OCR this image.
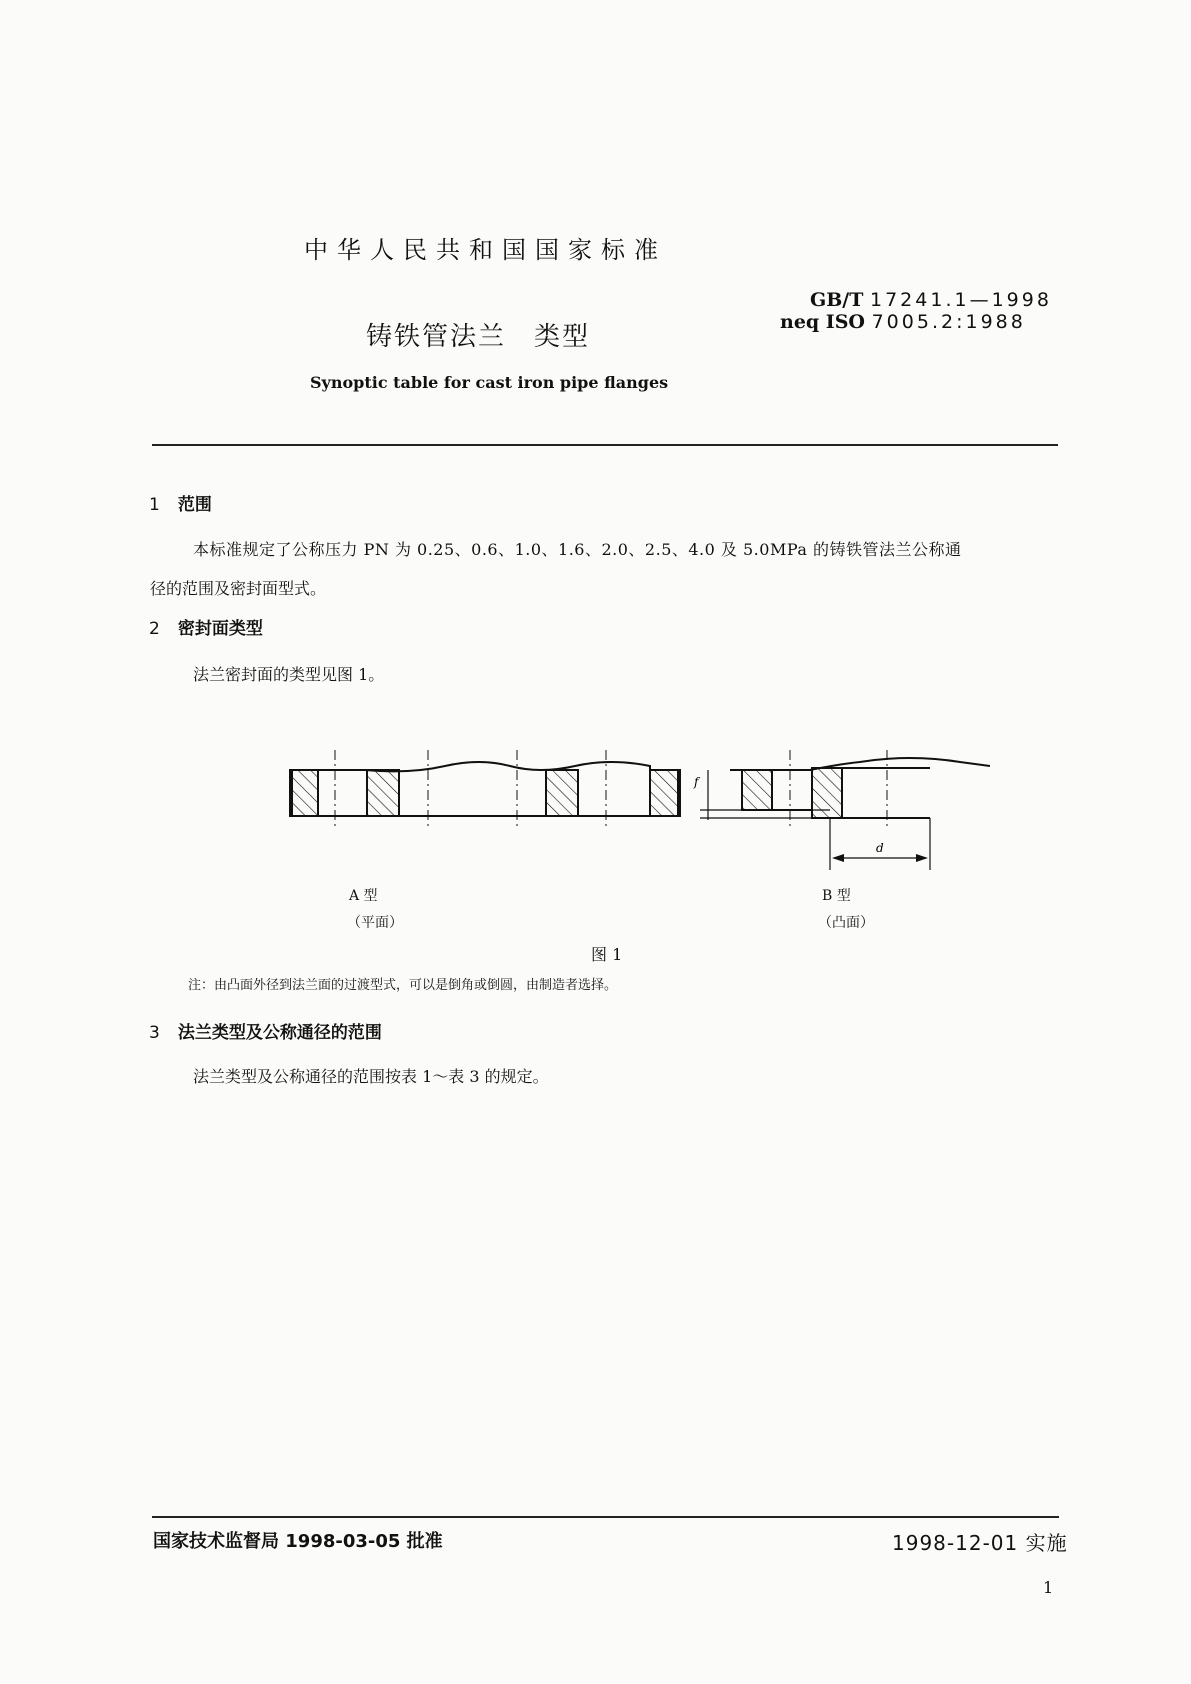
中华人民共和国国家标准
铸铁管法兰　类型
GB/T 17241.1—1998
neq ISO 7005.2:1988
Synoptic table for cast iron pipe flanges
1 范围
本标准规定了公称压力 PN 为 0.25、0.6、1.0、1.6、2.0、2.5、4.0 及 5.0MPa 的铸铁管法兰公称通
径的范围及密封面型式。
2 密封面类型
法兰密封面的类型见图 1。
f
d
A 型
（平面）
B 型
（凸面）
图 1
注：由凸面外径到法兰面的过渡型式，可以是倒角或倒圆，由制造者选择。
3 法兰类型及公称通径的范围
法兰类型及公称通径的范围按表 1～表 3 的规定。
国家技术监督局 1998-03-05 批准	1998-12-01 实施
1
